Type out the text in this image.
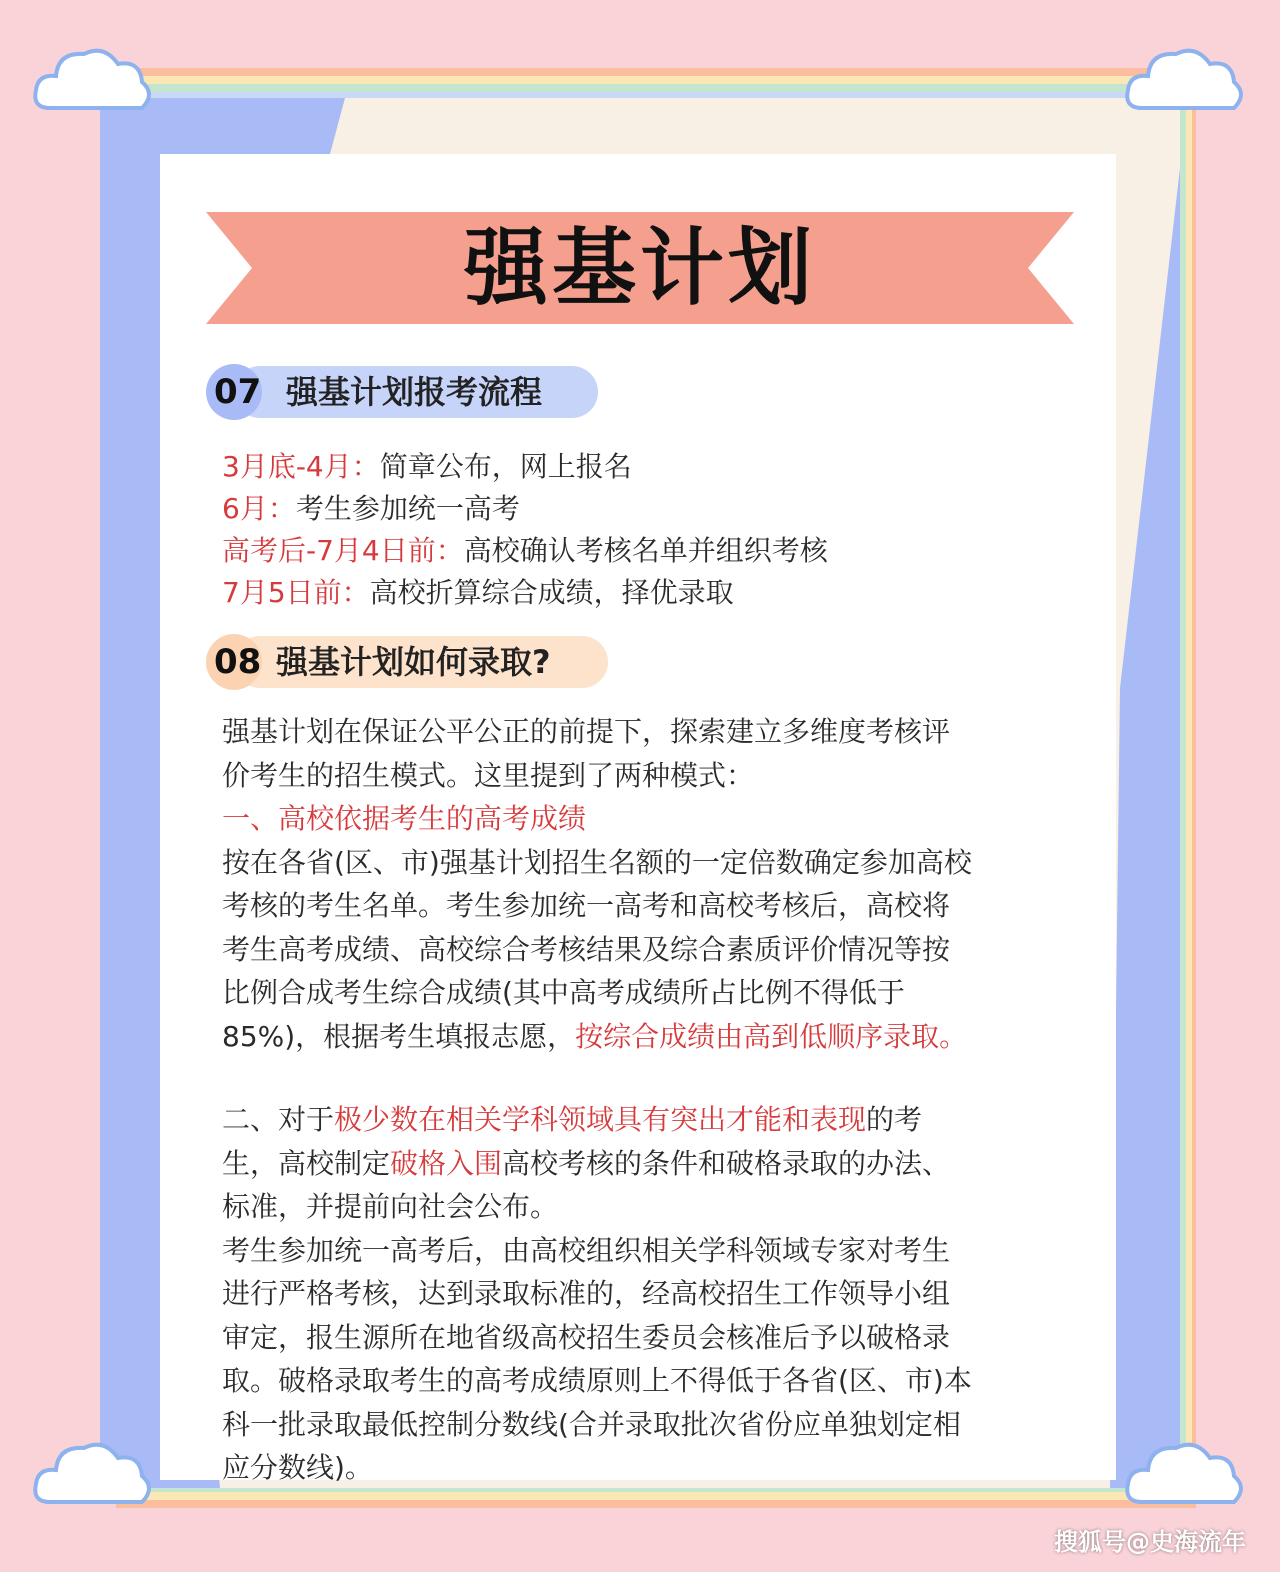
强基计划
07 强基计划报考流程
3月底-4月：简章公布，网上报名
6月：考生参加统一高考
高考后-7月4日前：高校确认考核名单并组织考核
7月5日前：高校折算综合成绩，择优录取
08 强基计划如何录取?
强基计划在保证公平公正的前提下，探索建立多维度考核评
价考生的招生模式。这里提到了两种模式：
一、高校依据考生的高考成绩
按在各省(区、市)强基计划招生名额的一定倍数确定参加高校
考核的考生名单。考生参加统一高考和高校考核后，高校将
考生高考成绩、高校综合考核结果及综合素质评价情况等按
比例合成考生综合成绩(其中高考成绩所占比例不得低于
85%)，根据考生填报志愿，按综合成绩由高到低顺序录取。
二、对于极少数在相关学科领域具有突出才能和表现的考
生，高校制定破格入围高校考核的条件和破格录取的办法、
标准，并提前向社会公布。
考生参加统一高考后，由高校组织相关学科领域专家对考生
进行严格考核，达到录取标准的，经高校招生工作领导小组
审定，报生源所在地省级高校招生委员会核准后予以破格录
取。破格录取考生的高考成绩原则上不得低于各省(区、市)本
科一批录取最低控制分数线(合并录取批次省份应单独划定相
应分数线)。
搜狐号@史海流年
